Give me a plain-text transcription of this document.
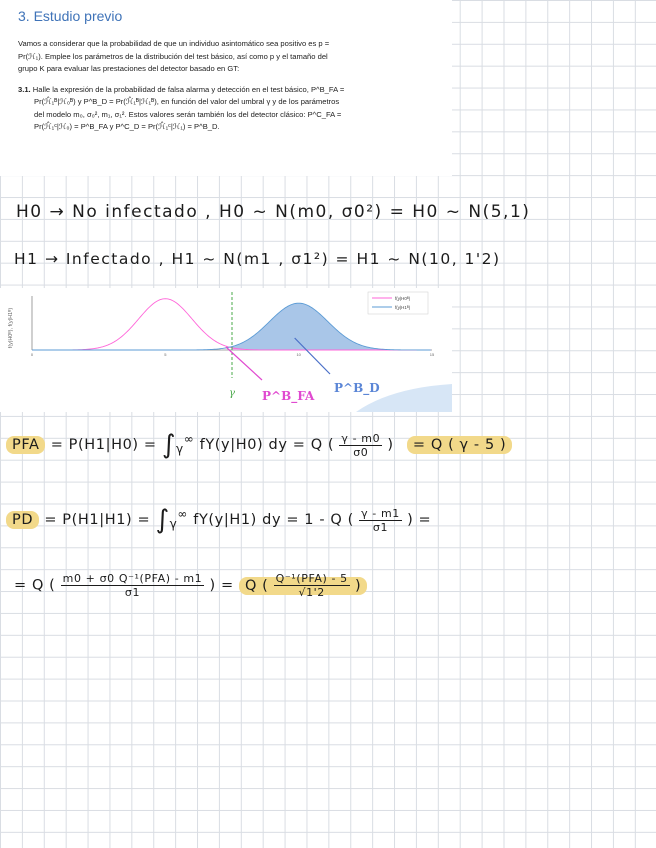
3. Estudio previo
Vamos a considerar que la probabilidad de que un individuo asintomático sea positivo es p =
Pr(ℋ₁). Emplee los parámetros de la distribución del test básico, así como p y el tamaño del
grupo K para evaluar las prestaciones del detector basado en GT:
3.1. Halle la expresión de la probabilidad de falsa alarma y detección en el test básico, P^B_FA =
Pr(ℋ̂₁ᴮ|ℋ₀ᴮ) y P^B_D = Pr(ℋ̂₁ᴮ|ℋ₁ᴮ), en función del valor del umbral γ y de los parámetros
del modelo m₀, σ₀², m₁, σ₁². Estos valores serán también los del detector clásico: P^C_FA =
Pr(ℋ̂₁ᶜ|ℋ₀) = P^B_FA y P^C_D = Pr(ℋ̂₁ᶜ|ℋ₁) = P^B_D.
H0 → No infectado , H0 ~ N(m0, σ0²) = H0 ~ N(5,1)
H1 → Infectado , H1 ~ N(m1 , σ1²) = H1 ~ N(10, 1'2)
f(y|H0ᴮ), f(y|H1ᴮ)
0	5	10	15
f(y|H0ᴮ)
f(y|H1ᴮ)
γ P^B_FA
P^B_D
PFA = $P(H1|H0) = \int_\gamma^\infty$ fY(y|H0) dy = Q ( $\frac{\gamma - m0}{\sigma 0}$ ) = Q ( γ - 5 )
PD = $P(H1|H1) = \int_\gamma^\infty$ fY(y|H1) dy = 1 - Q ( $\frac{\gamma - m1}{\sigma 1}$ ) =
= Q ( $\frac{\text{m0 + σ0 Q⁻¹(PFA) - m1}}{\sigma 1}$ ) = Q ( $\frac{\text{Q⁻¹(PFA) - 5}}{√1'2}$ )
